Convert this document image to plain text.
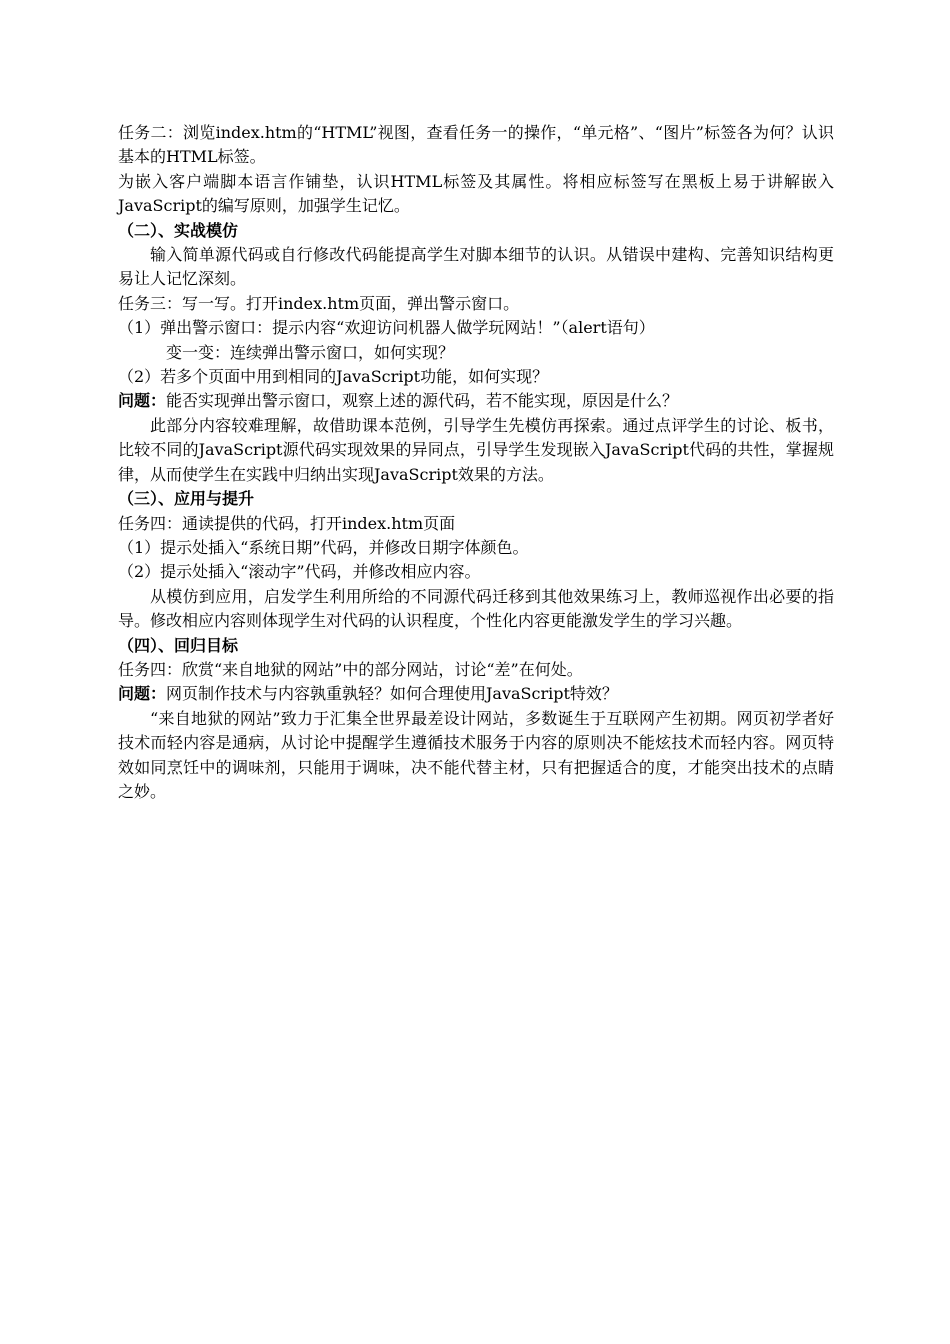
任务二：浏览index.htm的“HTML”视图，查看任务一的操作，“单元格”、“图片”标签各为何？认识基本的HTML标签。

为嵌入客户端脚本语言作铺垫，认识HTML标签及其属性。将相应标签写在黑板上易于讲解嵌入JavaScript的编写原则，加强学生记忆。

（二）、实战模仿

输入简单源代码或自行修改代码能提高学生对脚本细节的认识。从错误中建构、完善知识结构更易让人记忆深刻。

任务三：写一写。打开index.htm页面，弹出警示窗口。

（1）弹出警示窗口：提示内容“欢迎访问机器人做学玩网站！”（alert语句）

变一变：连续弹出警示窗口，如何实现？

（2）若多个页面中用到相同的JavaScript功能，如何实现？

问题：能否实现弹出警示窗口，观察上述的源代码，若不能实现，原因是什么？

此部分内容较难理解，故借助课本范例，引导学生先模仿再探索。通过点评学生的讨论、板书，比较不同的JavaScript源代码实现效果的异同点，引导学生发现嵌入JavaScript代码的共性，掌握规律，从而使学生在实践中归纳出实现JavaScript效果的方法。

（三）、应用与提升

任务四：通读提供的代码，打开index.htm页面

（1）提示处插入“系统日期”代码，并修改日期字体颜色。

（2）提示处插入“滚动字”代码，并修改相应内容。

从模仿到应用，启发学生利用所给的不同源代码迁移到其他效果练习上，教师巡视作出必要的指导。修改相应内容则体现学生对代码的认识程度，个性化内容更能激发学生的学习兴趣。

（四）、回归目标

任务四：欣赏“来自地狱的网站”中的部分网站，讨论“差”在何处。

问题：网页制作技术与内容孰重孰轻？如何合理使用JavaScript特效？

“来自地狱的网站”致力于汇集全世界最差设计网站，多数诞生于互联网产生初期。网页初学者好技术而轻内容是通病，从讨论中提醒学生遵循技术服务于内容的原则决不能炫技术而轻内容。网页特效如同烹饪中的调味剂，只能用于调味，决不能代替主材，只有把握适合的度，才能突出技术的点睛之妙。
